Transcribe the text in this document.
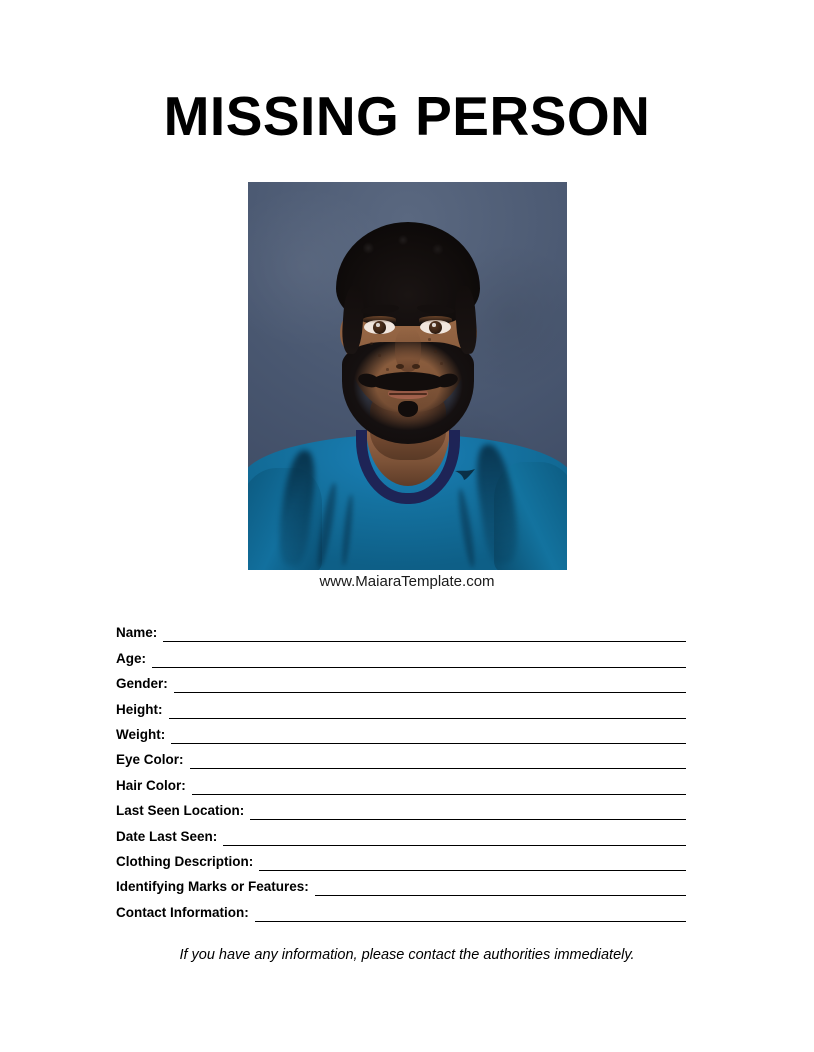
MISSING PERSON
www.MaiaraTemplate.com
Name:
Age:
Gender:
Height:
Weight:
Eye Color:
Hair Color:
Last Seen Location:
Date Last Seen:
Clothing Description:
Identifying Marks or Features:
Contact Information:
If you have any information, please contact the authorities immediately.
